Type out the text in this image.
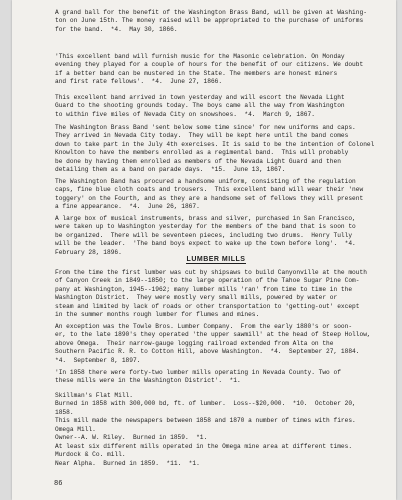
A grand ball for the benefit of the Washington Brass Band, will be given at Washing-
ton on June 15th. The money raised will be appropriated to the purchase of uniforms
for the band.  *4.  May 30, 1866.
'This excellent band will furnish music for the Masonic celebration. On Monday
evening they played for a couple of hours for the benefit of our citizens. We doubt
if a better band can be mustered in the State. The members are honest miners
and first rate fellows'.  *4.  June 27, 1866.
This excellent band arrived in town yesterday and will escort the Nevada Light
Guard to the shooting grounds today. The boys came all the way from Washington
to within five miles of Nevada City on snowshoes.  *4.  March 9, 1867.
The Washington Brass Band 'sent below some time since' for new uniforms and caps.
They arrived in Nevada City today.  They will be kept here until the band comes
down to take part in the July 4th exercises. It is said to be the intention of Colonel
Knowlton to have the members enrolled as a regimental band.  This will probably
be done by having them enrolled as members of the Nevada Light Guard and then
detailing them as a band on parade days.  *15.  June 13, 1867.
The Washington Band has procured a handsome uniform, consisting of the regulation
caps, fine blue cloth coats and trousers.  This excellent band will wear their 'new
toggery' on the Fourth, and as they are a handsome set of fellows they will present
a fine appearance.  *4.  June 26, 1867.
A large box of musical instruments, brass and silver, purchased in San Francisco,
were taken up to Washington yesterday for the members of the band that is soon to
be organized.  There will be seventeen pieces, including two drums.  Henry Tully
will be the leader.  'The band boys expect to wake up the town before long'.  *4.
February 28, 1896.
LUMBER MILLS
From the time the first lumber was cut by shipsaws to build Canyonville at the mouth
of Canyon Creek in 1849--1850; to the large operation of the Tahoe Sugar Pine Com-
pany at Washington, 1945--1962; many lumber mills 'ran' from time to time in the
Washington District.  They were mostly very small mills, powered by water or
steam and limited by lack of roads or other transportation to 'getting-out' except
in the summer months rough lumber for flumes and mines.
An exception was the Towle Bros. Lumber Company.  From the early 1880's or soon-
er, to the late 1890's they operated 'the upper sawmill' at the head of Steep Hollow,
above Omega.  Their narrow-gauge logging railroad extended from Alta on the
Southern Pacific R. R. to Cotton Hill, above Washington.  *4.  September 27, 1884.
*4.  September 8, 1897.
'In 1858 there were forty-two lumber mills operating in Nevada County. Two of
these mills were in the Washington District'.  *1.
Skillman's Flat Mill.
Burned in 1858 with 300,000 bd, ft. of lumber.  Loss--$20,000.  *10.  October 20,
1858.
This mill made the newspapers between 1858 and 1870 a number of times with fires.
Omega Mill.
Owner--A. W. Riley.  Burned in 1859.  *1.
At least six different mills operated in the Omega mine area at different times.
Murdock & Co. mill.
Near Alpha.  Burned in 1859.  *11.  *1.
86
